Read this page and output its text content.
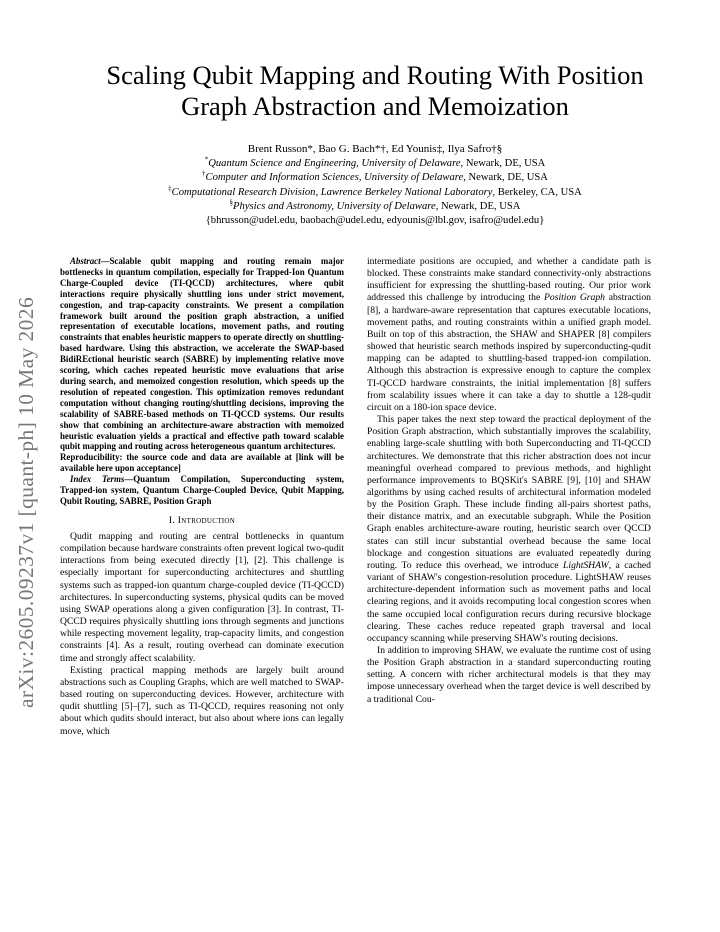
arXiv:2605.09237v1 [quant-ph] 10 May 2026
Scaling Qubit Mapping and Routing With Position
Graph Abstraction and Memoization
Brent Russon*, Bao G. Bach*†, Ed Younis‡, Ilya Safro†§
*Quantum Science and Engineering, University of Delaware, Newark, DE, USA
†Computer and Information Sciences, University of Delaware, Newark, DE, USA
‡Computational Research Division, Lawrence Berkeley National Laboratory, Berkeley, CA, USA
§Physics and Astronomy, University of Delaware, Newark, DE, USA
{bhrusson@udel.edu, baobach@udel.edu, edyounis@lbl.gov, isafro@udel.edu}

Abstract—Scalable qubit mapping and routing remain major bottlenecks in quantum compilation, especially for Trapped-Ion Quantum Charge-Coupled device (TI-QCCD) architectures, where qubit interactions require physically shuttling ions under strict movement, congestion, and trap-capacity constraints. We present a compilation framework built around the position graph abstraction, a unified representation of executable locations, movement paths, and routing constraints that enables heuristic mappers to operate directly on shuttling-based hardware. Using this abstraction, we accelerate the SWAP-based BidiREctional heuristic search (SABRE) by implementing relative move scoring, which caches repeated heuristic move evaluations that arise during search, and memoized congestion resolution, which speeds up the resolution of repeated congestion. This optimization removes redundant computation without changing routing/shuttling decisions, improving the scalability of SABRE-based methods on TI-QCCD systems. Our results show that combining an architecture-aware abstraction with memoized heuristic evaluation yields a practical and effective path toward scalable qubit mapping and routing across heterogeneous quantum architectures.

Reproducibility: the source code and data are available at [link will be available here upon acceptance]

Index Terms—Quantum Compilation, Superconducting system, Trapped-ion system, Quantum Charge-Coupled Device, Qubit Mapping, Qubit Routing, SABRE, Position Graph

I. Introduction

Qudit mapping and routing are central bottlenecks in quantum compilation because hardware constraints often prevent logical two-qudit interactions from being executed directly [1], [2]. This challenge is especially important for superconducting architectures and shuttling systems such as trapped-ion quantum charge-coupled device (TI-QCCD) architectures. In superconducting systems, physical qudits can be moved using SWAP operations along a given configuration [3]. In contrast, TI-QCCD requires physically shuttling ions through segments and junctions while respecting movement legality, trap-capacity limits, and congestion constraints [4]. As a result, routing overhead can dominate execution time and strongly affect scalability.

Existing practical mapping methods are largely built around abstractions such as Coupling Graphs, which are well matched to SWAP-based routing on superconducting devices. However, architecture with qudit shuttling [5]–[7], such as TI-QCCD, requires reasoning not only about which qudits should interact, but also about where ions can legally move, which

intermediate positions are occupied, and whether a candidate path is blocked. These constraints make standard connectivity-only abstractions insufficient for expressing the shuttling-based routing. Our prior work addressed this challenge by introducing the Position Graph abstraction [8], a hardware-aware representation that captures executable locations, movement paths, and routing constraints within a unified graph model. Built on top of this abstraction, the SHAW and SHAPER [8] compilers showed that heuristic search methods inspired by superconducting-qudit mapping can be adapted to shuttling-based trapped-ion compilation. Although this abstraction is expressive enough to capture the complex TI-QCCD hardware constraints, the initial implementation [8] suffers from scalability issues where it can take a day to shuttle a 128-qudit circuit on a 180-ion space device.

This paper takes the next step toward the practical deployment of the Position Graph abstraction, which substantially improves the scalability, enabling large-scale shuttling with both Superconducting and TI-QCCD architectures. We demonstrate that this richer abstraction does not incur meaningful overhead compared to previous methods, and highlight performance improvements to BQSKit's SABRE [9], [10] and SHAW algorithms by using cached results of architectural information modeled by the Position Graph. These include finding all-pairs shortest paths, their distance matrix, and an executable subgraph. While the Position Graph enables architecture-aware routing, heuristic search over QCCD states can still incur substantial overhead because the same local blockage and congestion situations are evaluated repeatedly during routing. To reduce this overhead, we introduce LightSHAW, a cached variant of SHAW's congestion-resolution procedure. LightSHAW reuses architecture-dependent information such as movement paths and local clearing regions, and it avoids recomputing local congestion scores when the same occupied local configuration recurs during recursive blockage clearing. These caches reduce repeated graph traversal and local occupancy scanning while preserving SHAW's routing decisions.

In addition to improving SHAW, we evaluate the runtime cost of using the Position Graph abstraction in a standard superconducting routing setting. A concern with richer architectural models is that they may impose unnecessary overhead when the target device is well described by a traditional Cou-
